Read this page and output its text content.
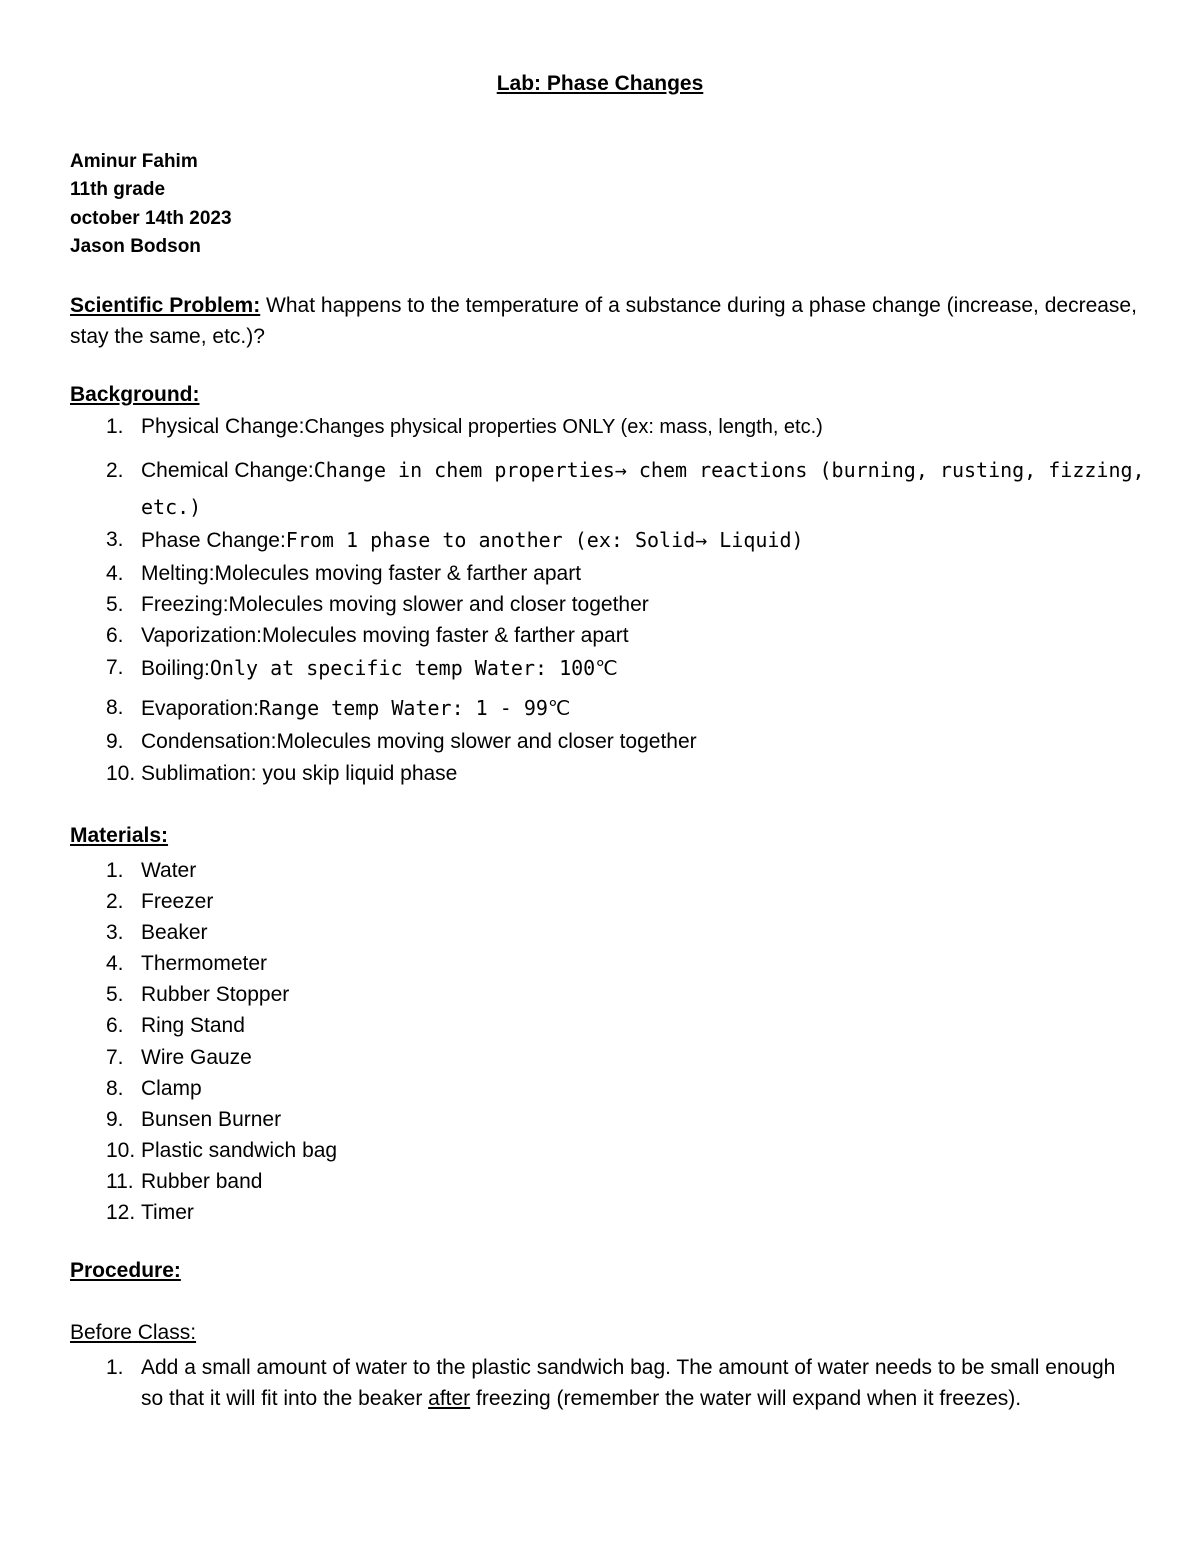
Lab: Phase Changes
Aminur Fahim
11th grade
october 14th 2023
Jason Bodson
Scientific Problem: What happens to the temperature of a substance during a phase change (increase, decrease, stay the same, etc.)?
Background:
1. Physical Change:Changes physical properties ONLY (ex: mass, length, etc.)
2. Chemical Change:Change in chem properties→ chem reactions (burning, rusting, fizzing, etc.)
3. Phase Change:From 1 phase to another (ex: Solid→ Liquid)
4. Melting:Molecules moving faster & farther apart
5. Freezing:Molecules moving slower and closer together
6. Vaporization:Molecules moving faster & farther apart
7. Boiling:Only at specific temp Water: 100℃
8. Evaporation:Range temp Water: 1 - 99℃
9. Condensation:Molecules moving slower and closer together
10. Sublimation: you skip liquid phase
Materials:
1. Water
2. Freezer
3. Beaker
4. Thermometer
5. Rubber Stopper
6. Ring Stand
7. Wire Gauze
8. Clamp
9. Bunsen Burner
10. Plastic sandwich bag
11. Rubber band
12. Timer
Procedure:
Before Class:
1. Add a small amount of water to the plastic sandwich bag. The amount of water needs to be small enough so that it will fit into the beaker after freezing (remember the water will expand when it freezes).
